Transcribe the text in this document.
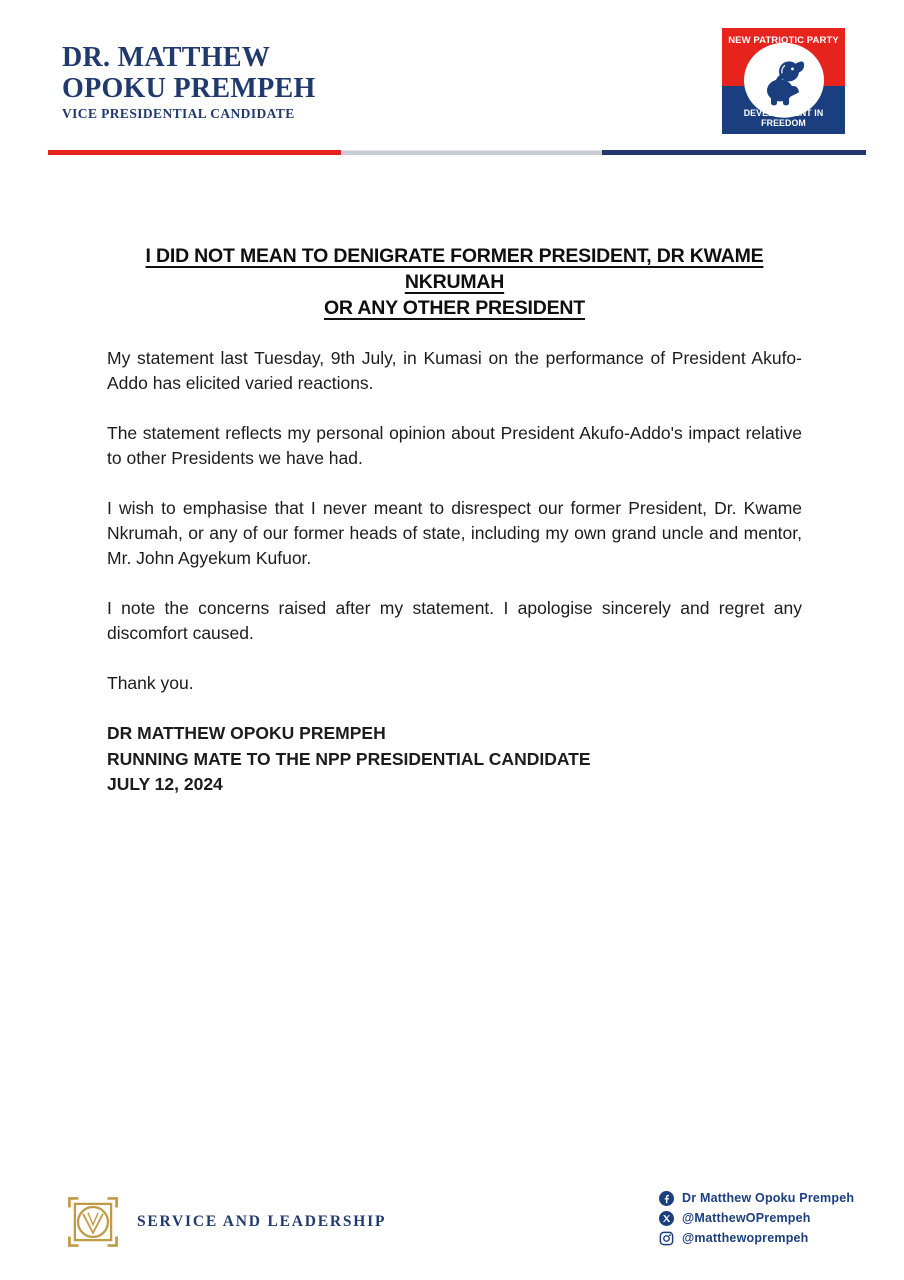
DR. MATTHEW
OPOKU PREMPEH
VICE PRESIDENTIAL CANDIDATE
NEW PATRIOTIC PARTY
DEVELOPMENT IN FREEDOM
I DID NOT MEAN TO DENIGRATE FORMER PRESIDENT, DR KWAME NKRUMAH
OR ANY OTHER PRESIDENT

My statement last Tuesday, 9th July, in Kumasi on the performance of President Akufo-Addo has elicited varied reactions.

The statement reflects my personal opinion about President Akufo-Addo's impact relative to other Presidents we have had.

I wish to emphasise that I never meant to disrespect our former President, Dr. Kwame Nkrumah, or any of our former heads of state, including my own grand uncle and mentor, Mr. John Agyekum Kufuor.

I note the concerns raised after my statement. I apologise sincerely and regret any discomfort caused.

Thank you.

DR MATTHEW OPOKU PREMPEH
RUNNING MATE TO THE NPP PRESIDENTIAL CANDIDATE
JULY 12, 2024
SERVICE AND LEADERSHIP
Dr Matthew Opoku Prempeh
@MatthewOPrempeh
@matthewoprempeh
